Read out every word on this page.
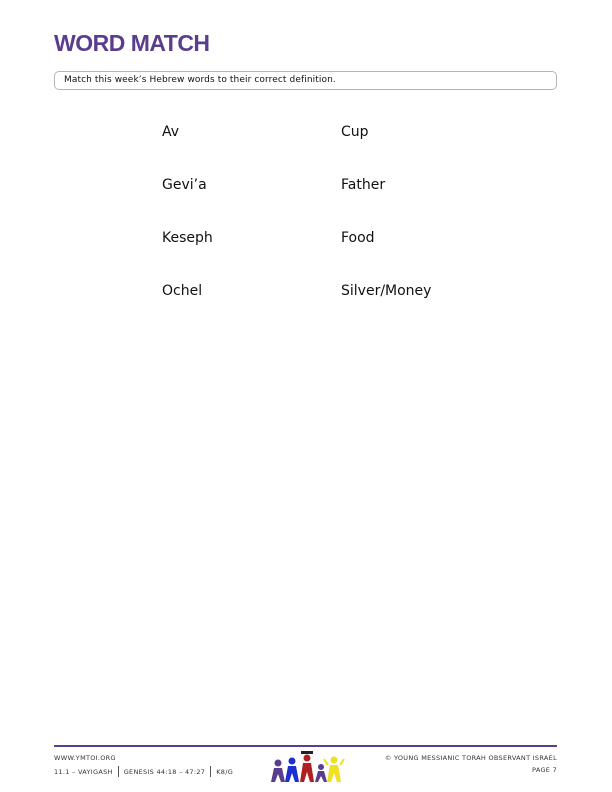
WORD MATCH
Match this week’s Hebrew words to their correct definition.
Av
Gevi’a
Keseph
Ochel
Cup
Father
Food
Silver/Money
WWW.YMTOI.ORG
11.1 – VAYIGASH GENESIS 44:18 – 47:27 K8/G
© YOUNG MESSIANIC TORAH OBSERVANT ISRAEL
PAGE 7
